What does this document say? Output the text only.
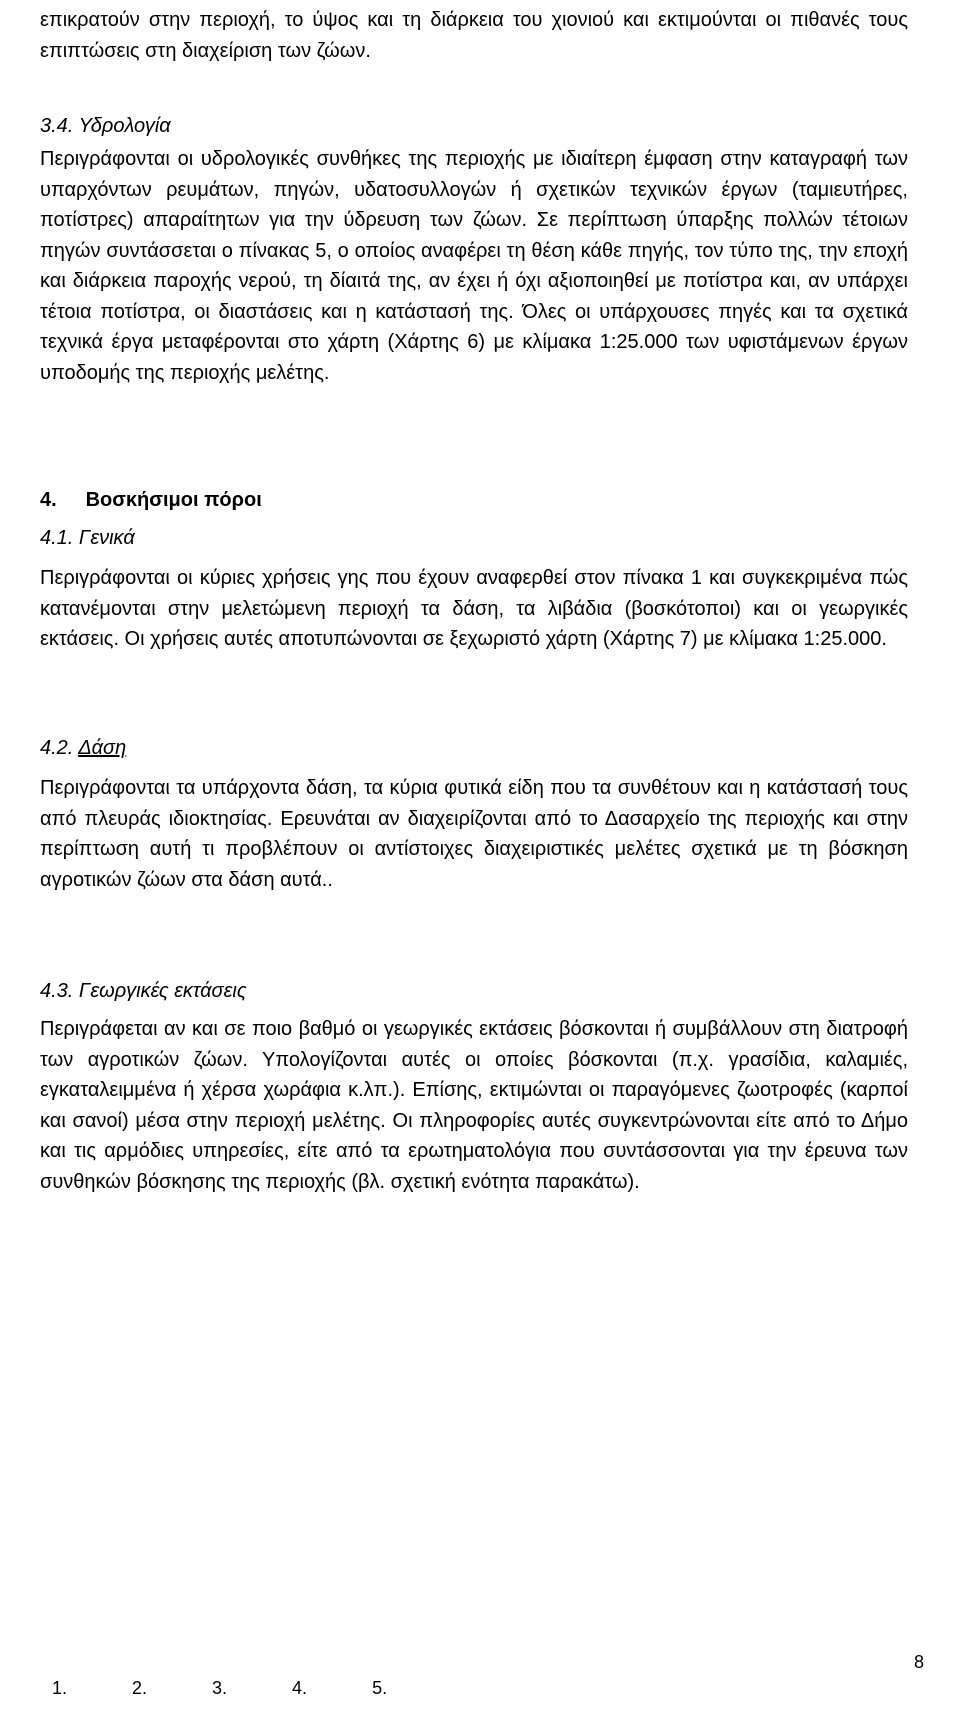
επικρατούν στην περιοχή, το ύψος και τη διάρκεια του χιονιού και εκτιμούνται οι πιθανές τους επιπτώσεις στη διαχείριση των ζώων.

3.4. Υδρολογία

Περιγράφονται οι υδρολογικές συνθήκες της περιοχής με ιδιαίτερη έμφαση στην καταγραφή των υπαρχόντων ρευμάτων, πηγών, υδατοσυλλογών ή σχετικών τεχνικών έργων (ταμιευτήρες, ποτίστρες) απαραίτητων για την ύδρευση των ζώων. Σε περίπτωση ύπαρξης πολλών τέτοιων πηγών συντάσσεται ο πίνακας 5, ο οποίος αναφέρει τη θέση κάθε πηγής, τον τύπο της, την εποχή και διάρκεια παροχής νερού, τη δίαιτά της, αν έχει ή όχι αξιοποιηθεί με ποτίστρα και, αν υπάρχει τέτοια ποτίστρα, οι διαστάσεις και η κατάστασή της. Όλες οι υπάρχουσες πηγές και τα σχετικά τεχνικά έργα μεταφέρονται στο χάρτη (Χάρτης 6) με κλίμακα 1:25.000 των υφιστάμενων έργων υποδομής της περιοχής μελέτης.

4. Βοσκήσιμοι πόροι
4.1. Γενικά

Περιγράφονται οι κύριες χρήσεις γης που έχουν αναφερθεί στον πίνακα 1 και συγκεκριμένα πώς κατανέμονται στην μελετώμενη περιοχή τα δάση, τα λιβάδια (βοσκότοποι) και οι γεωργικές εκτάσεις. Οι χρήσεις αυτές αποτυπώνονται σε ξεχωριστό χάρτη (Χάρτης 7) με κλίμακα 1:25.000.

4.2. Δάση

Περιγράφονται τα υπάρχοντα δάση, τα κύρια φυτικά είδη που τα συνθέτουν και η κατάστασή τους από πλευράς ιδιοκτησίας. Ερευνάται αν διαχειρίζονται από το Δασαρχείο της περιοχής και στην περίπτωση αυτή τι προβλέπουν οι αντίστοιχες διαχειριστικές μελέτες σχετικά με τη βόσκηση αγροτικών ζώων στα δάση αυτά..

4.3. Γεωργικές εκτάσεις

Περιγράφεται αν και σε ποιο βαθμό οι γεωργικές εκτάσεις βόσκονται ή συμβάλλουν στη διατροφή των αγροτικών ζώων. Υπολογίζονται αυτές οι οποίες βόσκονται (π.χ. γρασίδια, καλαμιές, εγκαταλειμμένα ή χέρσα χωράφια κ.λπ.). Επίσης, εκτιμώνται οι παραγόμενες ζωοτροφές (καρποί και σανοί) μέσα στην περιοχή μελέτης. Οι πληροφορίες αυτές συγκεντρώνονται είτε από το Δήμο και τις αρμόδιες υπηρεσίες, είτε από τα ερωτηματολόγια που συντάσσονται για την έρευνα των συνθηκών βόσκησης της περιοχής (βλ. σχετική ενότητα παρακάτω).

1.	2.	3.	4.	5.
8
